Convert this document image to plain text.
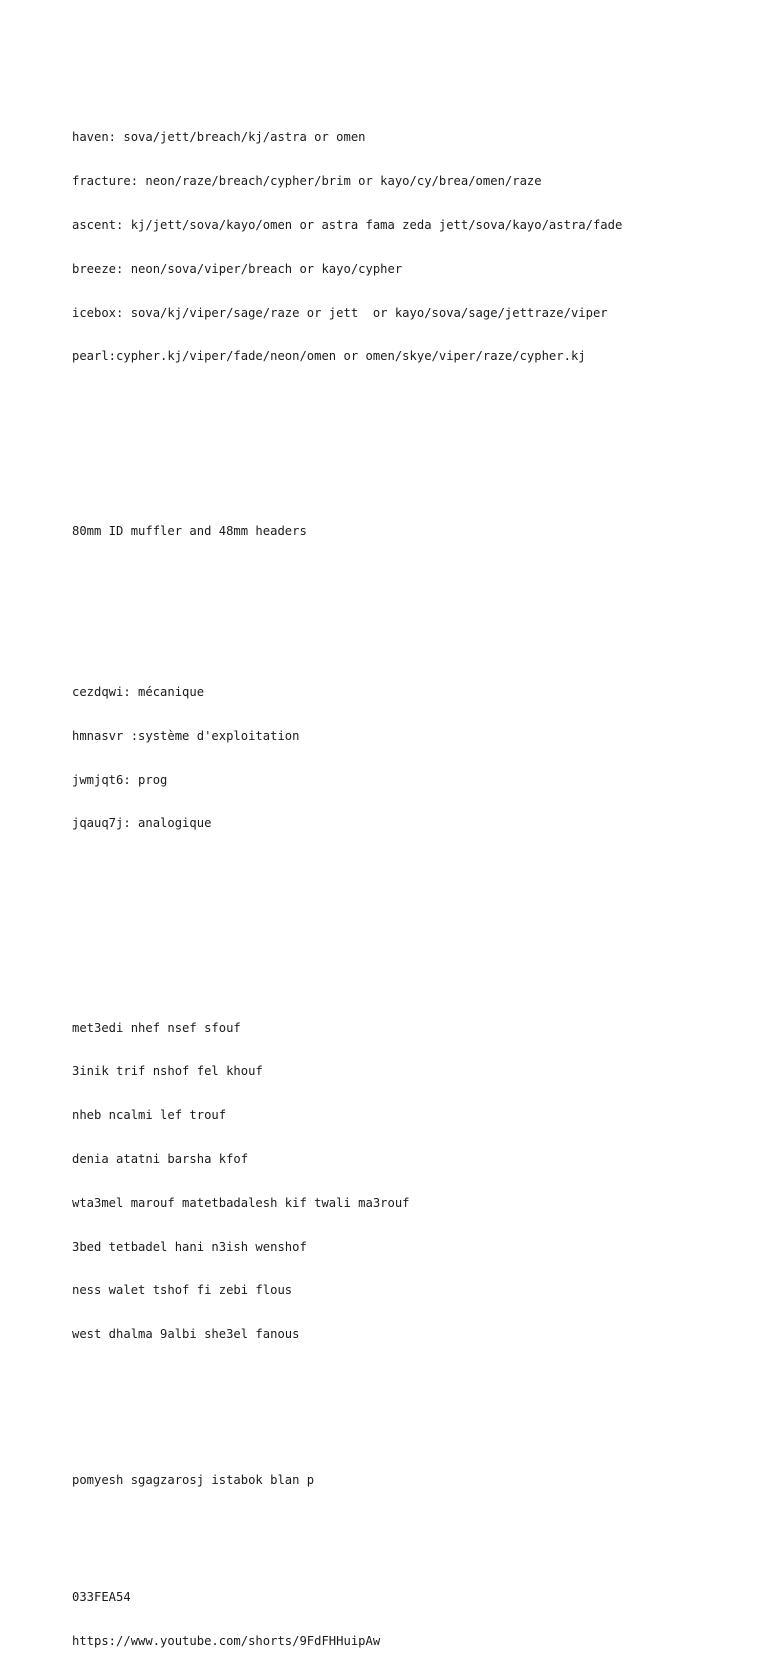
haven: sova/jett/breach/kj/astra or omen

fracture: neon/raze/breach/cypher/brim or kayo/cy/brea/omen/raze

ascent: kj/jett/sova/kayo/omen or astra fama zeda jett/sova/kayo/astra/fade

breeze: neon/sova/viper/breach or kayo/cypher

icebox: sova/kj/viper/sage/raze or jett  or kayo/sova/sage/jettraze/viper

pearl:cypher.kj/viper/fade/neon/omen or omen/skye/viper/raze/cypher.kj

80mm ID muffler and 48mm headers

cezdqwi: mécanique

hmnasvr :système d'exploitation

jwmjqt6: prog

jqauq7j: analogique

met3edi nhef nsef sfouf

3inik trif nshof fel khouf

nheb ncalmi lef trouf

denia atatni barsha kfof

wta3mel marouf matetbadalesh kif twali ma3rouf

3bed tetbadel hani n3ish wenshof

ness walet tshof fi zebi flous

west dhalma 9albi she3el fanous

pomyesh sgagzarosj istabok blan p

033FEA54

https://www.youtube.com/shorts/9FdFHHuipAw
